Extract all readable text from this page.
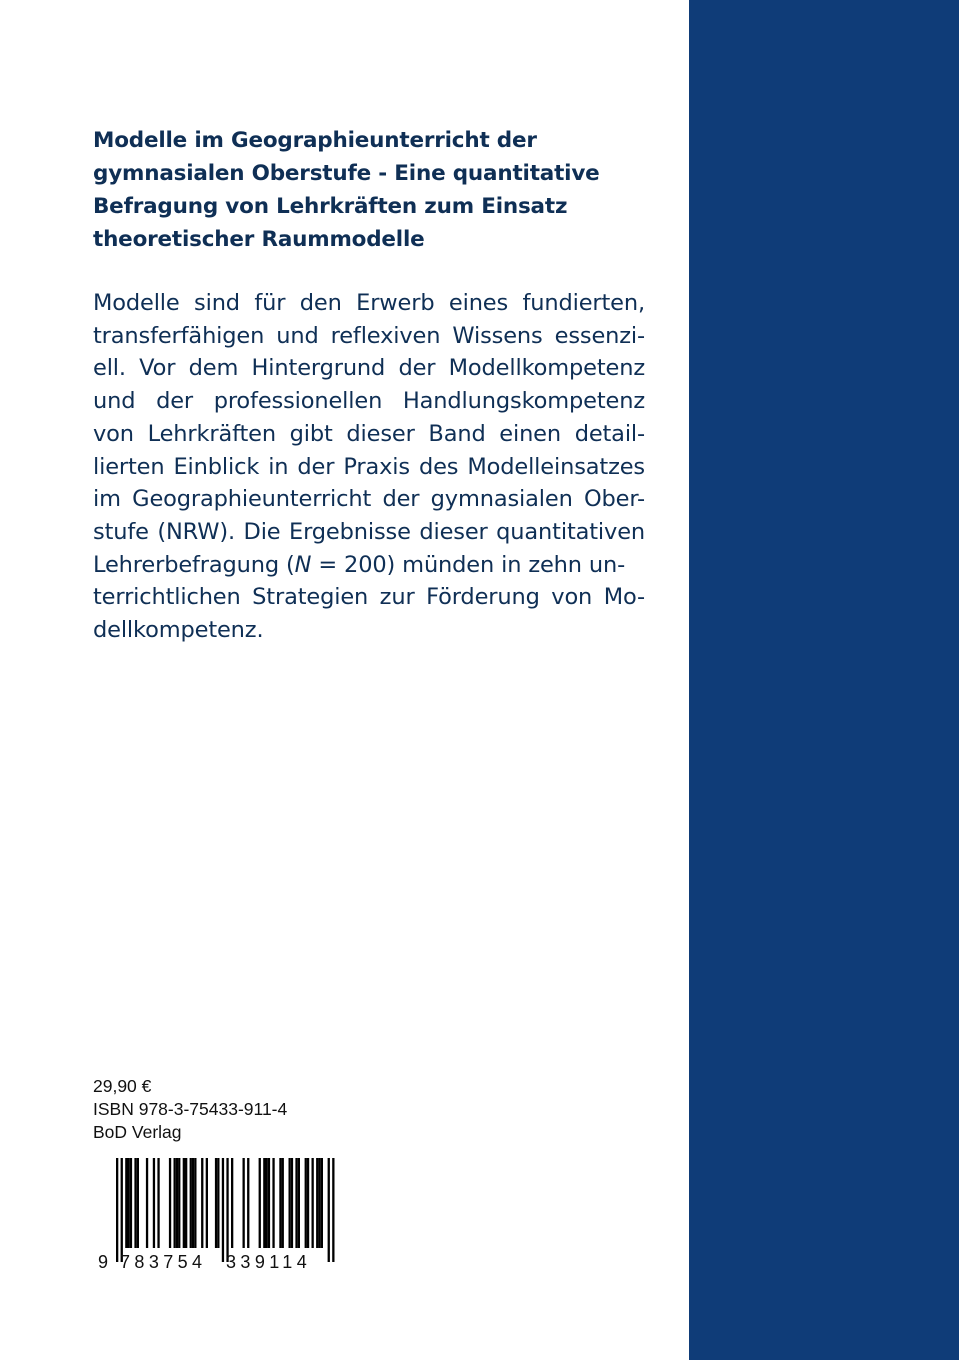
Modelle im Geographieunterricht der
gymnasialen Oberstufe - Eine quantitative
Befragung von Lehrkräften zum Einsatz
theoretischer Raummodelle
Modelle sind für den Erwerb eines fundierten,
transferfähigen und reflexiven Wissens essenzi-
ell. Vor dem Hintergrund der Modellkompetenz
und der professionellen Handlungskompetenz
von Lehrkräften gibt dieser Band einen detail-
lierten Einblick in der Praxis des Modelleinsatzes
im Geographieunterricht der gymnasialen Ober-
stufe (NRW). Die Ergebnisse dieser quantitativen
Lehrerbefragung (N = 200) münden in zehn un-
terrichtlichen Strategien zur Förderung von Mo-
dellkompetenz.
29,90 €
ISBN 978-3-75433-911-4
BoD Verlag
9 783754 339114
